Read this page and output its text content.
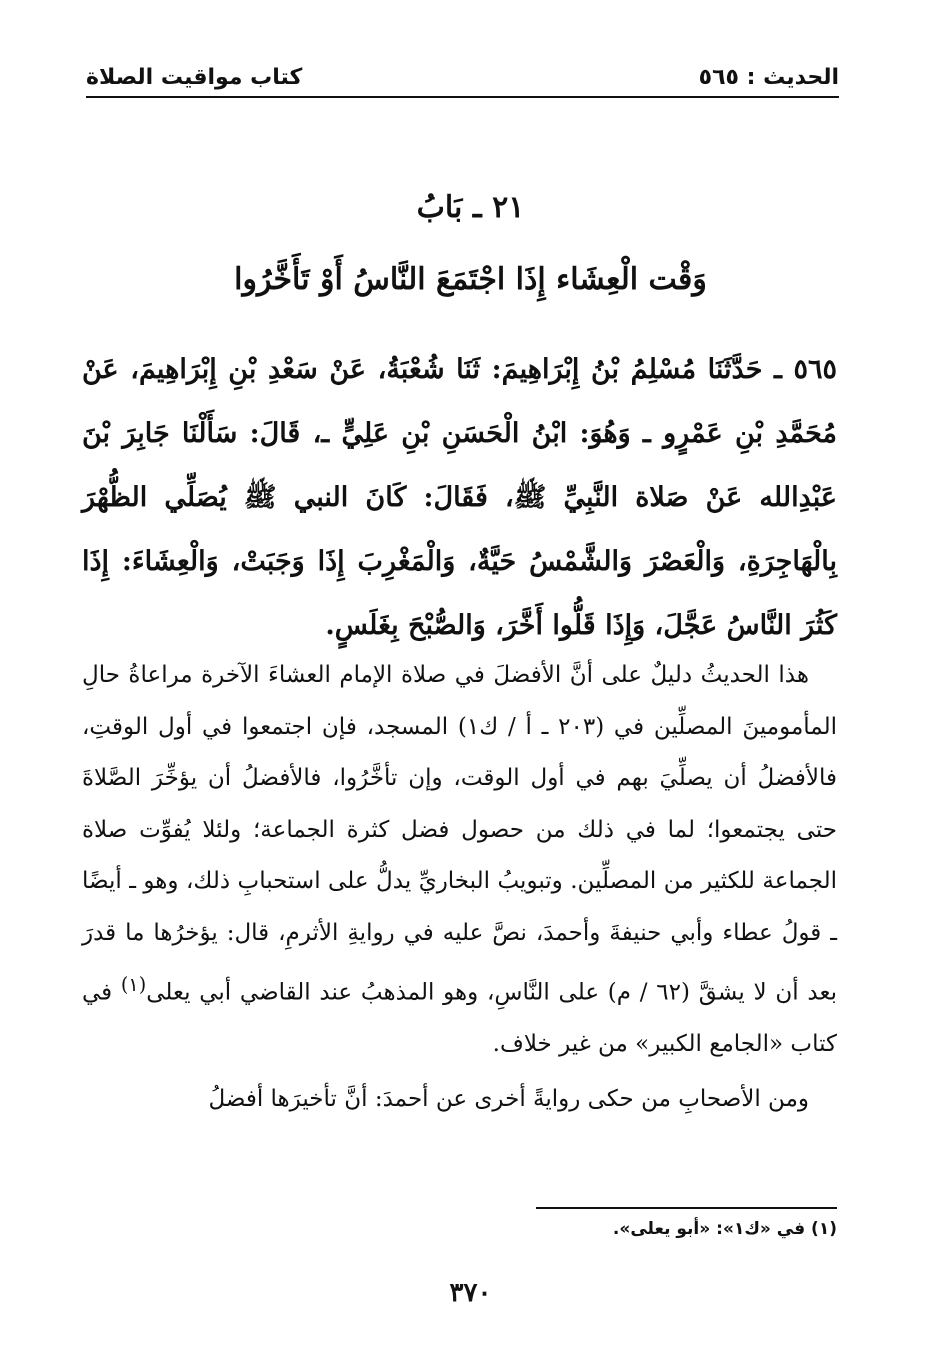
الحديث : ٥٦٥
كتاب مواقيت الصلاة
٢١ ـ بَابُ
وَقْت الْعِشَاء إِذَا اجْتَمَعَ النَّاسُ أَوْ تَأَخَّرُوا
٥٦٥ ـ حَدَّثَنَا مُسْلِمُ بْنُ إِبْرَاهِيمَ: ثَنَا شُعْبَةُ، عَنْ سَعْدِ بْنِ إِبْرَاهِيمَ، عَنْ مُحَمَّدِ بْنِ عَمْرٍو ـ وَهُوَ: ابْنُ الْحَسَنِ بْنِ عَلِيٍّ ـ، قَالَ: سَأَلْنَا جَابِرَ بْنَ عَبْدِالله عَنْ صَلاة النَّبِيِّ ﷺ، فَقَالَ: كَانَ النبي ﷺ يُصَلِّي الظُّهْرَ بِالْهَاجِرَةِ، وَالْعَصْرَ وَالشَّمْسُ حَيَّةٌ، وَالْمَغْرِبَ إِذَا وَجَبَتْ، وَالْعِشَاءَ: إِذَا كَثُرَ النَّاسُ عَجَّلَ، وَإِذَا قَلُّوا أَخَّرَ، وَالصُّبْحَ بِغَلَسٍ.

هذا الحديثُ دليلٌ على أنَّ الأفضلَ في صلاة الإمام العشاءَ الآخرة مراعاةُ حالِ المأمومينَ المصلِّين في (٢٠٣ ـ أ / ك١) المسجد، فإن اجتمعوا في أول الوقتِ، فالأفضلُ أن يصلِّيَ بهم في أول الوقت، وإن تأخَّرُوا، فالأفضلُ أن يؤخِّرَ الصَّلاةَ حتى يجتمعوا؛ لما في ذلك من حصول فضل كثرة الجماعة؛ ولئلا يُفوِّت صلاة الجماعة للكثير من المصلِّين. وتبويبُ البخاريِّ يدلُّ على استحبابِ ذلك، وهو ـ أيضًا ـ قولُ عطاء وأبي حنيفةَ وأحمدَ، نصَّ عليه في روايةِ الأثرمِ، قال: يؤخرُها ما قدرَ بعد أن لا يشقَّ (٦٢ / م) على النَّاسِ، وهو المذهبُ عند القاضي أبي يعلى$^{(١)}$ في كتاب «الجامع الكبير» من غير خلاف.

ومن الأصحابِ من حكى روايةً أخرى عن أحمدَ: أنَّ تأخيرَها أفضلُ

(١) في «ك١»: «أبو يعلى».
٣٧٠
